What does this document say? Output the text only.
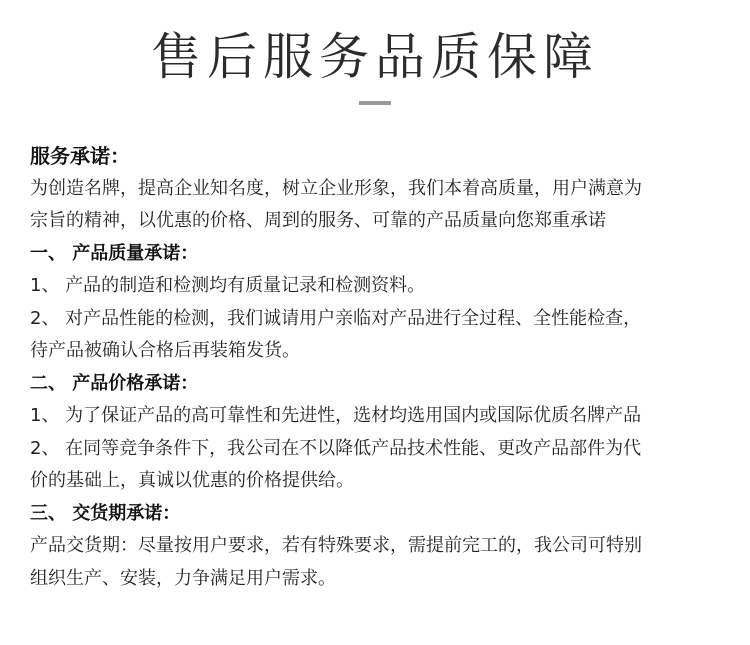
售后服务品质保障
服务承诺：
为创造名牌，提高企业知名度，树立企业形象，我们本着高质量，用户满意为
宗旨的精神，以优惠的价格、周到的服务、可靠的产品质量向您郑重承诺
一、 产品质量承诺：
1、 产品的制造和检测均有质量记录和检测资料。
2、 对产品性能的检测，我们诚请用户亲临对产品进行全过程、全性能检查，
待产品被确认合格后再装箱发货。
二、 产品价格承诺：
1、 为了保证产品的高可靠性和先进性，选材均选用国内或国际优质名牌产品
2、 在同等竞争条件下，我公司在不以降低产品技术性能、更改产品部件为代
价的基础上，真诚以优惠的价格提供给。
三、 交货期承诺：
产品交货期：尽量按用户要求，若有特殊要求，需提前完工的，我公司可特别
组织生产、安装，力争满足用户需求。
